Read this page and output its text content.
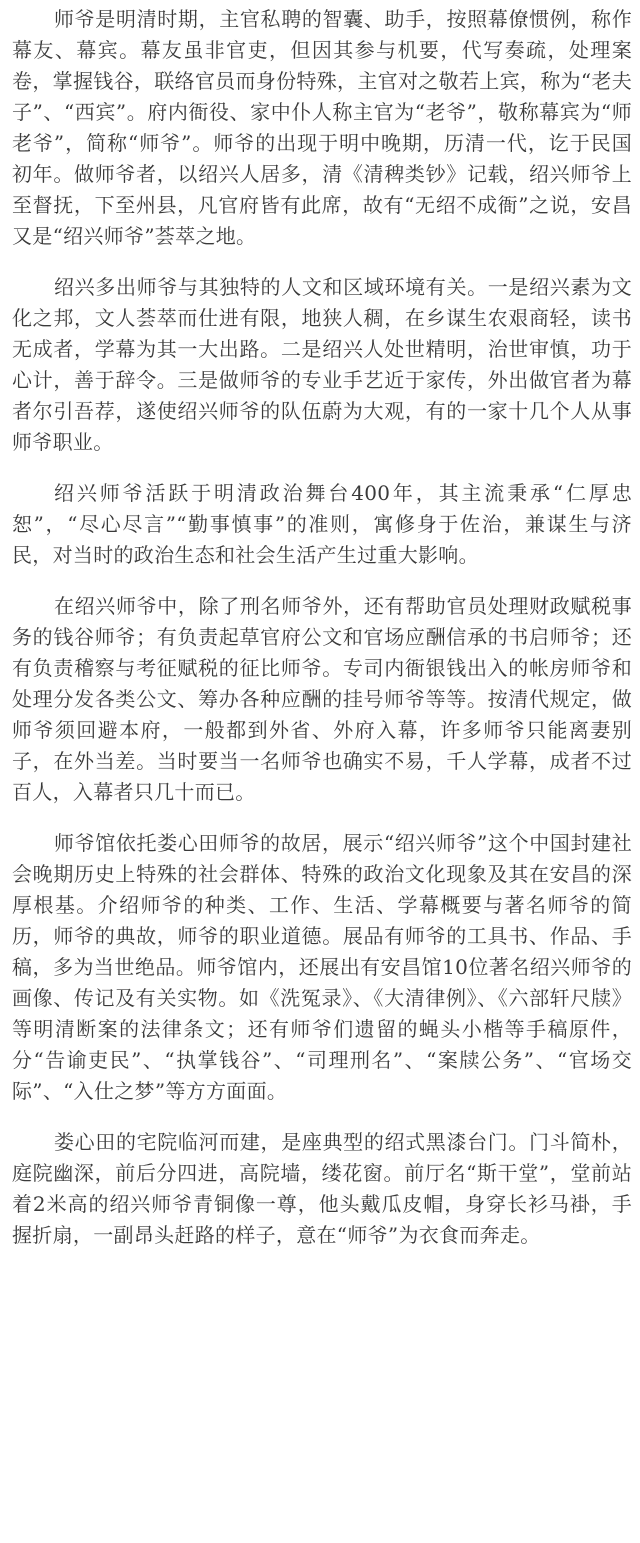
师爷是明清时期，主官私聘的智囊、助手，按照幕僚惯例，称作幕友、幕宾。幕友虽非官吏，但因其参与机要，代写奏疏，处理案卷，掌握钱谷，联络官员而身份特殊，主官对之敬若上宾，称为“老夫子”、“西宾”。府内衙役、家中仆人称主官为“老爷”，敬称幕宾为“师老爷”，简称“师爷”。师爷的出现于明中晚期，历清一代，讫于民国初年。做师爷者，以绍兴人居多，清《清稗类钞》记载，绍兴师爷上至督抚，下至州县，凡官府皆有此席，故有“无绍不成衙”之说，安昌又是“绍兴师爷”荟萃之地。

绍兴多出师爷与其独特的人文和区域环境有关。一是绍兴素为文化之邦，文人荟萃而仕进有限，地狭人稠，在乡谋生农艰商轻，读书无成者，学幕为其一大出路。二是绍兴人处世精明，治世审慎，功于心计，善于辞令。三是做师爷的专业手艺近于家传，外出做官者为幕者尔引吾荐，遂使绍兴师爷的队伍蔚为大观，有的一家十几个人从事师爷职业。

绍兴师爷活跃于明清政治舞台400年，其主流秉承“仁厚忠恕”，“尽心尽言”“勤事慎事”的准则，寓修身于佐治，兼谋生与济民，对当时的政治生态和社会生活产生过重大影响。

在绍兴师爷中，除了刑名师爷外，还有帮助官员处理财政赋税事务的钱谷师爷；有负责起草官府公文和官场应酬信承的书启师爷；还有负责稽察与考征赋税的征比师爷。专司内衙银钱出入的帐房师爷和处理分发各类公文、筹办各种应酬的挂号师爷等等。按清代规定，做师爷须回避本府，一般都到外省、外府入幕，许多师爷只能离妻别子，在外当差。当时要当一名师爷也确实不易，千人学幕，成者不过百人，入幕者只几十而已。

师爷馆依托娄心田师爷的故居，展示“绍兴师爷”这个中国封建社会晚期历史上特殊的社会群体、特殊的政治文化现象及其在安昌的深厚根基。介绍师爷的种类、工作、生活、学幕概要与著名师爷的简历，师爷的典故，师爷的职业道德。展品有师爷的工具书、作品、手稿，多为当世绝品。师爷馆内，还展出有安昌馆10位著名绍兴师爷的画像、传记及有关实物。如《洗冤录》、《大清律例》、《六部轩尺牍》等明清断案的法律条文；还有师爷们遗留的蝇头小楷等手稿原件，分“告谕吏民”、“执掌钱谷”、“司理刑名”、“案牍公务”、“官场交际”、“入仕之梦”等方方面面。

娄心田的宅院临河而建，是座典型的绍式黑漆台门。门斗简朴，庭院幽深，前后分四进，高院墙，缕花窗。前厅名“斯干堂”，堂前站着2米高的绍兴师爷青铜像一尊，他头戴瓜皮帽，身穿长衫马褂，手握折扇，一副昂头赶路的样子，意在“师爷”为衣食而奔走。
